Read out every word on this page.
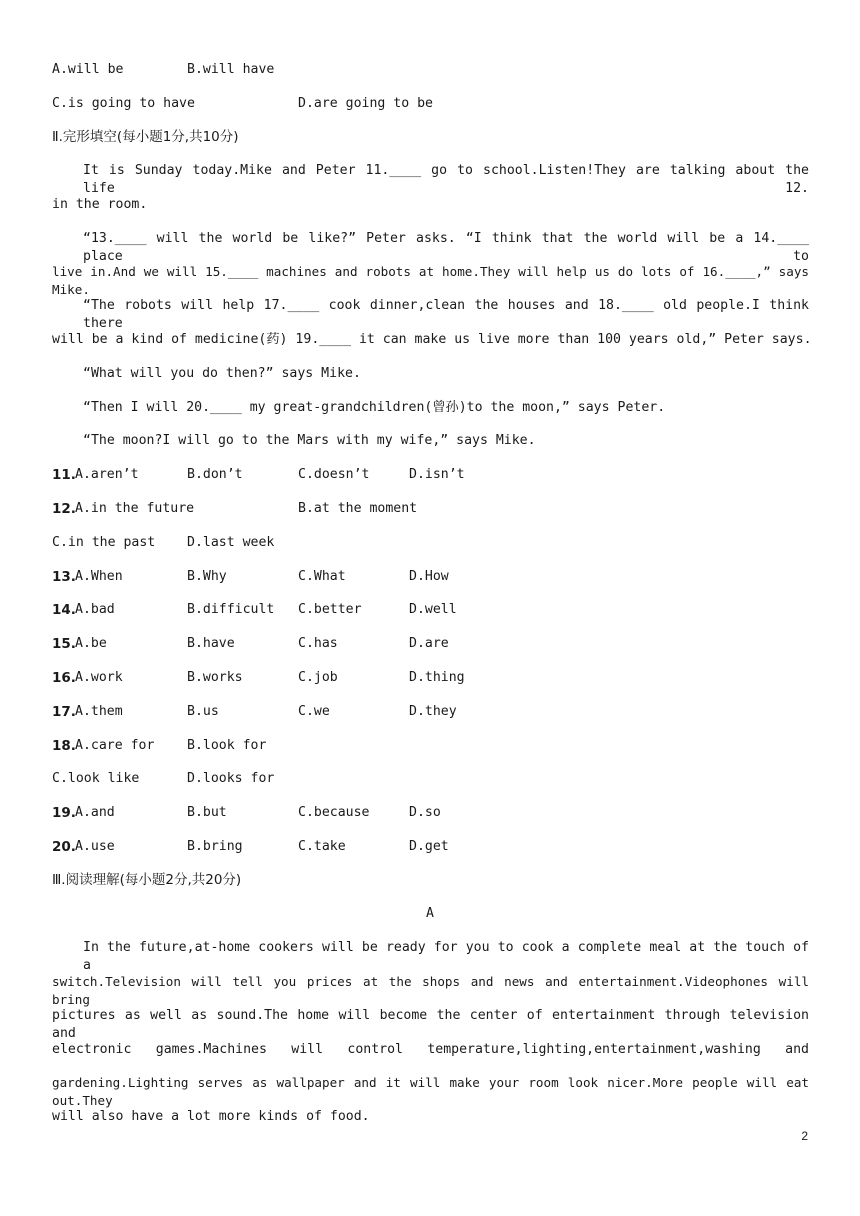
A.will be	B.will have
C.is going to have	D.are going to be
Ⅱ.完形填空(每小题1分,共10分)
It is Sunday today.Mike and Peter 11.____ go to school.Listen!They are talking about the life 12.
in the room.
“13.____ will the world be like?” Peter asks. “I think that the world will be a 14.____ place to
live in.And we will 15.____ machines and robots at home.They will help us do lots of 16.____,” says Mike.
“The robots will help 17.____ cook dinner,clean the houses and 18.____ old people.I think there
will be a kind of medicine(药) 19.____ it can make us live more than 100 years old,” Peter says.
“What will you do then?” says Mike.
“Then I will 20.____ my great-grandchildren(曾孙)to the moon,” says Peter.
“The moon?I will go to the Mars with my wife,” says Mike.
11. A.aren’t	B.don’t	C.doesn’t	D.isn’t
12. A.in the future	B.at the moment
C.in the past D.last week
13. A.When	B.Why	C.What	D.How
14. A.bad	B.difficult C.better	D.well
15. A.be	B.have	C.has	D.are
16. A.work	B.works	C.job	D.thing
17. A.them	B.us	C.we	D.they
18. A.care for B.look for
C.look like	D.looks for
19. A.and	B.but	C.because	D.so
20. A.use	B.bring	C.take	D.get
Ⅲ.阅读理解(每小题2分,共20分)
A
In the future,at-home cookers will be ready for you to cook a complete meal at the touch of a
switch.Television will tell you prices at the shops and news and entertainment.Videophones will bring
pictures as well as sound.The home will become the center of entertainment through television and
electronic games.Machines will control temperature,lighting,entertainment,washing and
gardening.Lighting serves as wallpaper and it will make your room look nicer.More people will eat out.They
will also have a lot more kinds of food.
2
